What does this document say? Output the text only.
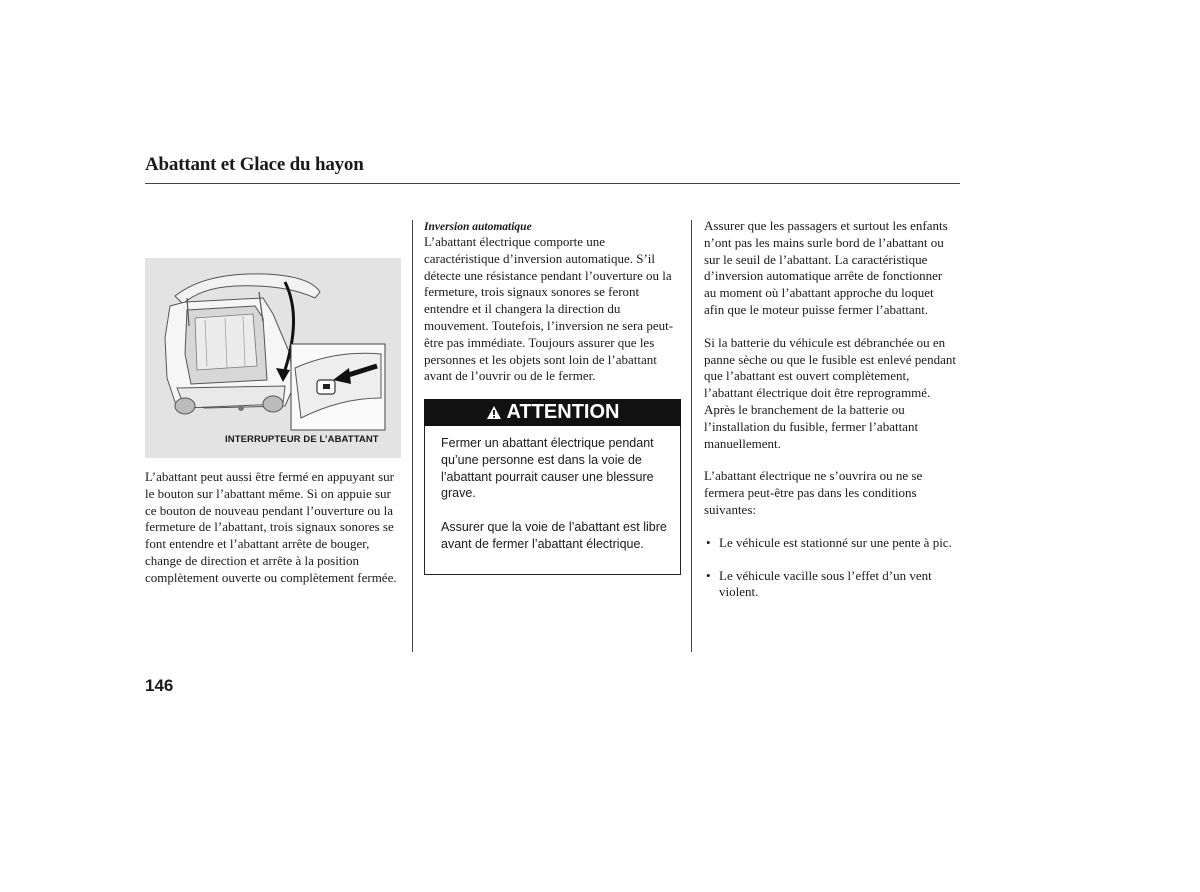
Abattant et Glace du hayon
INTERRUPTEUR DE L’ABATTANT
L’abattant peut aussi être fermé en appuyant sur le bouton sur l’abattant même. Si on appuie sur ce bouton de nouveau pendant l’ouverture ou la fermeture de l’abattant, trois signaux sonores se font entendre et l’abattant arrête de bouger, change de direction et arrête à la position complètement ouverte ou complètement fermée.
Inversion automatique
L’abattant électrique comporte une caractéristique d’inversion automatique. S’il détecte une résistance pendant l’ouverture ou la fermeture, trois signaux sonores se feront entendre et il changera la direction du mouvement. Toutefois, l’inversion ne sera peut-être pas immédiate. Toujours assurer que les personnes et les objets sont loin de l’abattant avant de l’ouvrir ou de le fermer.
ATTENTION

Fermer un abattant électrique pendant qu’une personne est dans la voie de l’abattant pourrait causer une blessure grave.

Assurer que la voie de l’abattant est libre avant de fermer l’abattant électrique.

Assurer que les passagers et surtout les enfants n’ont pas les mains surle bord de l’abattant ou sur le seuil de l’abattant. La caractéristique d’inversion automatique arrête de fonctionner au moment où l’abattant approche du loquet afin que le moteur puisse fermer l’abattant.

Si la batterie du véhicule est débranchée ou en panne sèche ou que le fusible est enlevé pendant que l’abattant est ouvert complètement, l’abattant électrique doit être reprogrammé. Après le branchement de la batterie ou l’installation du fusible, fermer l’abattant manuellement.

L’abattant électrique ne s’ouvrira ou ne se fermera peut-être pas dans les conditions suivantes:

• Le véhicule est stationné sur une pente à pic.
• Le véhicule vacille sous l’effet d’un vent violent.
146
